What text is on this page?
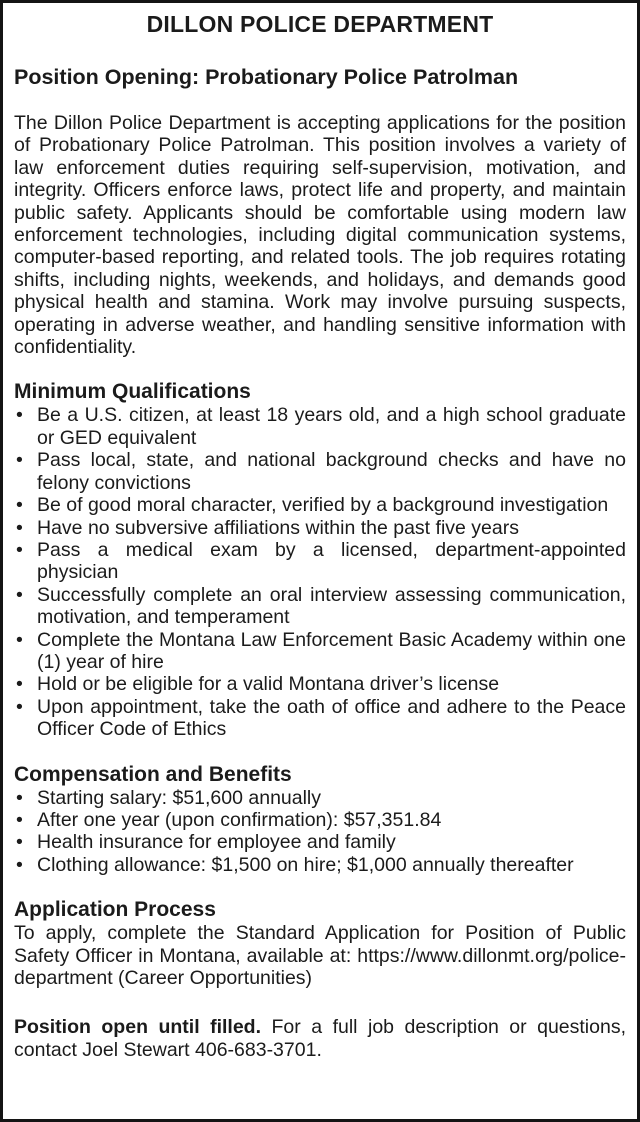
DILLON POLICE DEPARTMENT
Position Opening: Probationary Police Patrolman

The Dillon Police Department is accepting applications for the position of Probationary Police Patrolman. This position involves a variety of law enforcement duties requiring self-supervision, motivation, and integrity. Officers enforce laws, protect life and property, and maintain public safety. Applicants should be comfortable using modern law enforcement technologies, including digital communication systems, computer-based reporting, and related tools. The job requires rotating shifts, including nights, weekends, and holidays, and demands good physical health and stamina. Work may involve pursuing suspects, operating in adverse weather, and handling sensitive information with confidentiality.

Minimum Qualifications
• Be a U.S. citizen, at least 18 years old, and a high school graduate or GED equivalent
• Pass local, state, and national background checks and have no felony convictions
• Be of good moral character, verified by a background investigation
• Have no subversive affiliations within the past five years
• Pass a medical exam by a licensed, department-appointed physician
• Successfully complete an oral interview assessing communication, motivation, and temperament
• Complete the Montana Law Enforcement Basic Academy within one (1) year of hire
• Hold or be eligible for a valid Montana driver’s license
• Upon appointment, take the oath of office and adhere to the Peace Officer Code of Ethics
Compensation and Benefits
• Starting salary: $51,600 annually
• After one year (upon confirmation): $57,351.84
• Health insurance for employee and family
• Clothing allowance: $1,500 on hire; $1,000 annually thereafter
Application Process

To apply, complete the Standard Application for Position of Public Safety Officer in Montana, available at: https://www.dillonmt.org/police-department (Career Opportunities)

Position open until filled. For a full job description or questions, contact Joel Stewart 406-683-3701.
